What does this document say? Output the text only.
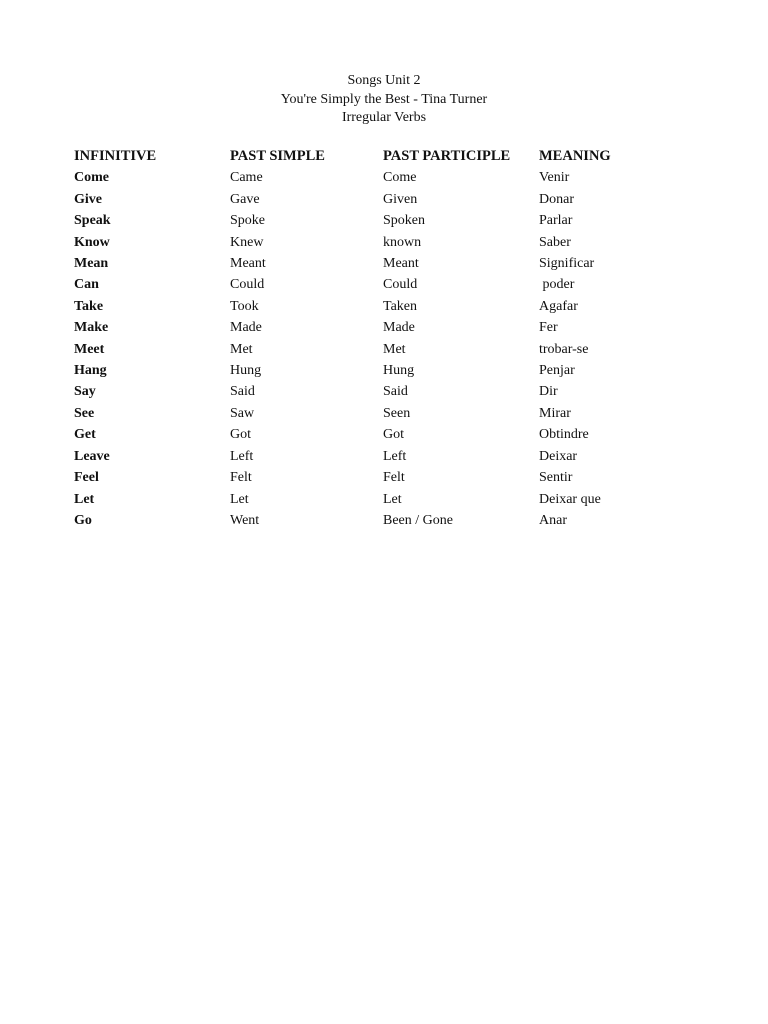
Songs Unit 2
You're Simply the Best - Tina Turner
Irregular Verbs
INFINITIVE	PAST SIMPLE	PAST PARTICIPLE	MEANING
Come	Came	Come	Venir
Give	Gave	Given	Donar
Speak	Spoke	Spoken	Parlar
Know	Knew	known	Saber
Mean	Meant	Meant	Significar
Can	Could	Could	poder
Take	Took	Taken	Agafar
Make	Made	Made	Fer
Meet	Met	Met	trobar-se
Hang	Hung	Hung	Penjar
Say	Said	Said	Dir
See	Saw	Seen	Mirar
Get	Got	Got	Obtindre
Leave	Left	Left	Deixar
Feel	Felt	Felt	Sentir
Let	Let	Let	Deixar que
Go	Went	Been / Gone	Anar
